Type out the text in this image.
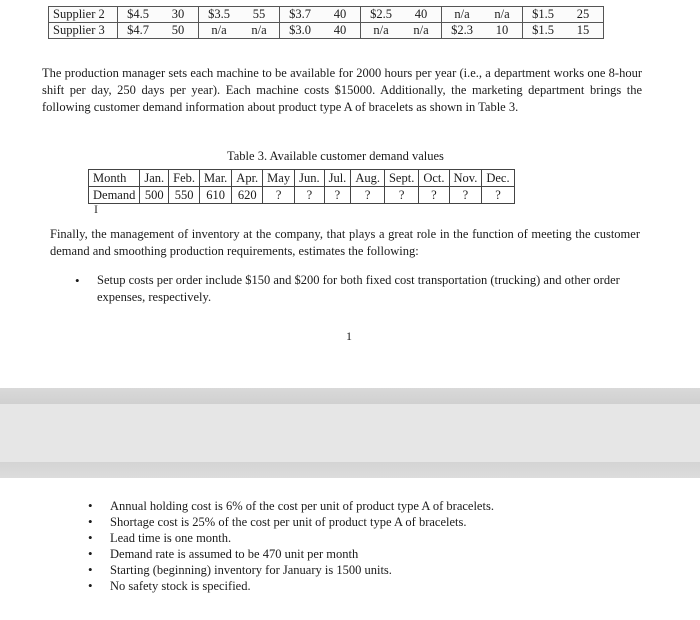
Supplier 2	$4.5	30	$3.5	55	$3.7	40	$2.5	40	n/a	n/a	$1.5	25
Supplier 3	$4.7	50	n/a	n/a	$3.0	40	n/a	n/a	$2.3	10	$1.5	15

The production manager sets each machine to be available for 2000 hours per year (i.e., a department works one 8-hour shift per day, 250 days per year). Each machine costs $15000. Additionally, the marketing department brings the following customer demand information about product type A of bracelets as shown in Table 3.

Table 3. Available customer demand values
Month	Jan.	Feb.	Mar.	Apr.	May	Jun.	Jul.	Aug.	Sept.	Oct.	Nov.	Dec.
Demand	500	550	610	620	?	?	?	?	?	?	?	?
I

Finally, the management of inventory at the company, that plays a great role in the function of meeting the customer demand and smoothing production requirements, estimates the following:

• Setup costs per order include $150 and $200 for both fixed cost transportation (trucking) and other order expenses, respectively.
1
• Annual holding cost is 6% of the cost per unit of product type A of bracelets.
• Shortage cost is 25% of the cost per unit of product type A of bracelets.
• Lead time is one month.
• Demand rate is assumed to be 470 unit per month
• Starting (beginning) inventory for January is 1500 units.
• No safety stock is specified.
